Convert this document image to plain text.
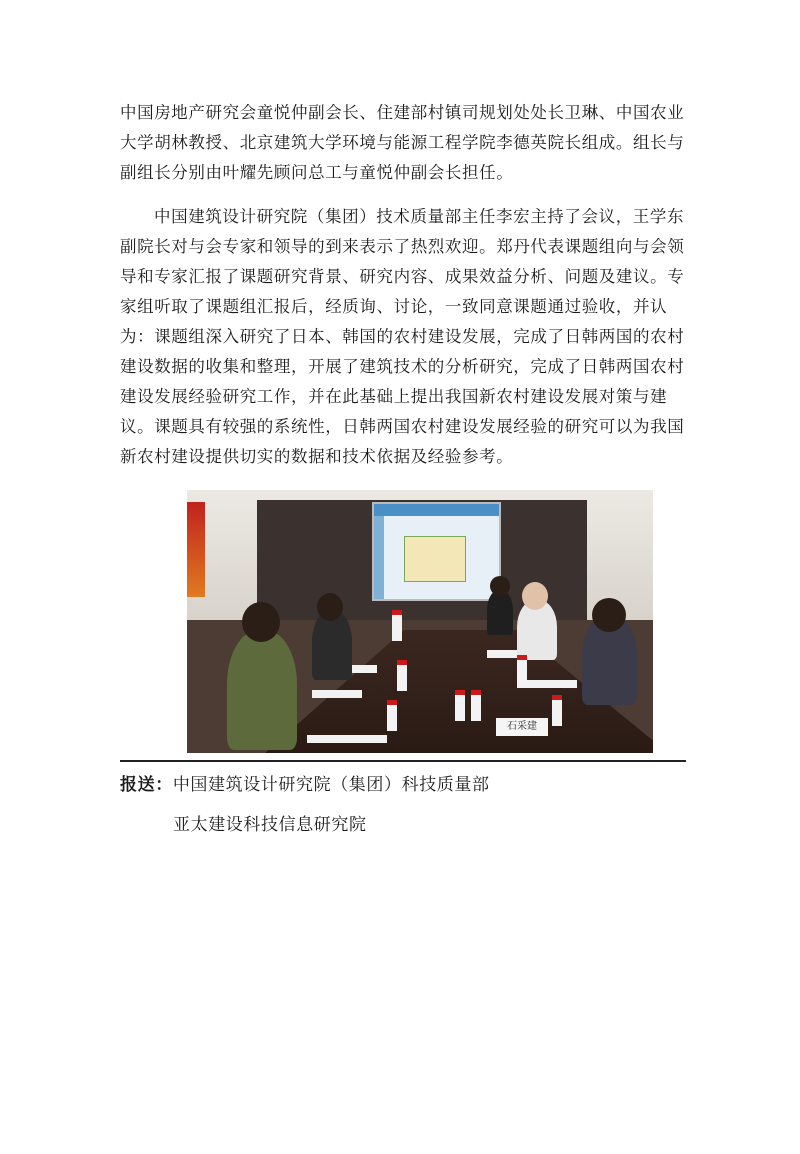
中国房地产研究会童悦仲副会长、住建部村镇司规划处处长卫琳、中国农业大学胡林教授、北京建筑大学环境与能源工程学院李德英院长组成。组长与副组长分别由叶耀先顾问总工与童悦仲副会长担任。

中国建筑设计研究院（集团）技术质量部主任李宏主持了会议，王学东副院长对与会专家和领导的到来表示了热烈欢迎。郑丹代表课题组向与会领导和专家汇报了课题研究背景、研究内容、成果效益分析、问题及建议。专家组听取了课题组汇报后，经质询、讨论，一致同意课题通过验收，并认为：课题组深入研究了日本、韩国的农村建设发展，完成了日韩两国的农村建设数据的收集和整理，开展了建筑技术的分析研究，完成了日韩两国农村建设发展经验研究工作，并在此基础上提出我国新农村建设发展对策与建议。课题具有较强的系统性，日韩两国农村建设发展经验的研究可以为我国新农村建设提供切实的数据和技术依据及经验参考。

石采建
报送：中国建筑设计研究院（集团）科技质量部
亚太建设科技信息研究院
